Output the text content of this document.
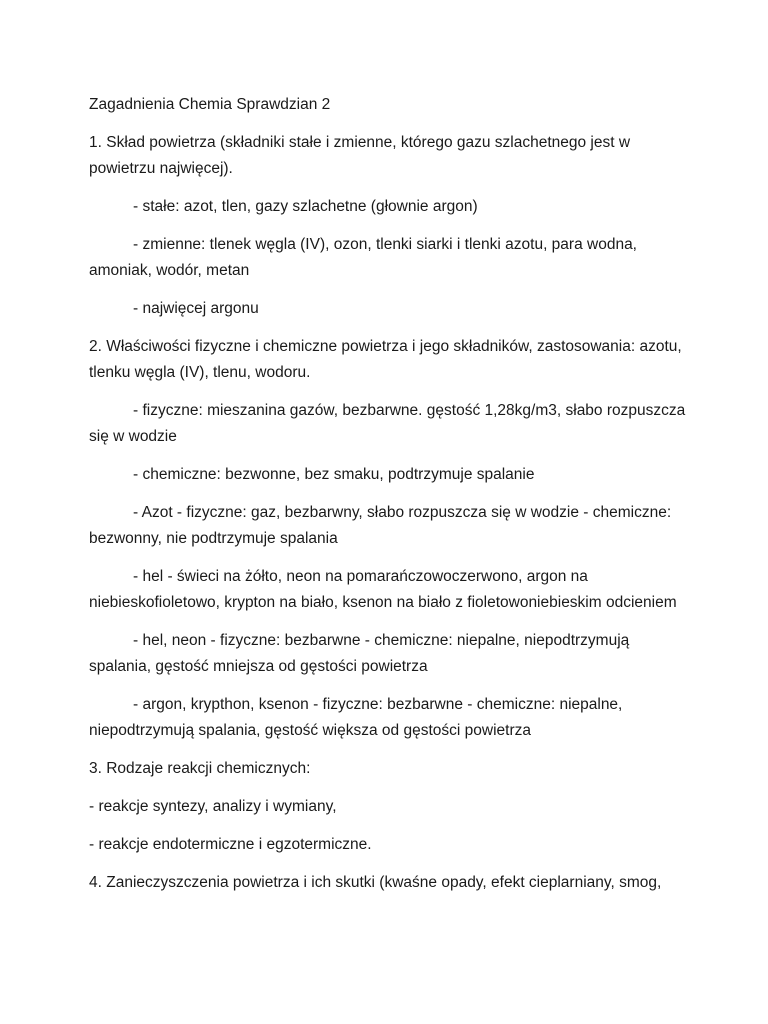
Zagadnienia Chemia Sprawdzian 2

1. Skład powietrza (składniki stałe i zmienne, którego gazu szlachetnego jest w powietrzu najwięcej).

- stałe: azot, tlen, gazy szlachetne (głownie argon)

- zmienne: tlenek węgla (IV), ozon, tlenki siarki i tlenki azotu, para wodna, amoniak, wodór, metan

- najwięcej argonu

2. Właściwości fizyczne i chemiczne powietrza i jego składników, zastosowania: azotu, tlenku węgla (IV), tlenu, wodoru.

- fizyczne: mieszanina gazów, bezbarwne. gęstość 1,28kg/m3, słabo rozpuszcza się w wodzie

- chemiczne: bezwonne, bez smaku, podtrzymuje spalanie

- Azot - fizyczne: gaz, bezbarwny, słabo rozpuszcza się w wodzie - chemiczne: bezwonny, nie podtrzymuje spalania

- hel - świeci na żółto, neon na pomarańczowoczerwono, argon na niebieskofioletowo, krypton na biało, ksenon na biało z fioletowoniebieskim odcieniem

- hel, neon - fizyczne: bezbarwne - chemiczne: niepalne, niepodtrzymują spalania, gęstość mniejsza od gęstości powietrza

- argon, krypthon, ksenon - fizyczne: bezbarwne - chemiczne: niepalne, niepodtrzymują spalania, gęstość większa od gęstości powietrza

3. Rodzaje reakcji chemicznych:

- reakcje syntezy, analizy i wymiany,

- reakcje endotermiczne i egzotermiczne.

4. Zanieczyszczenia powietrza i ich skutki (kwaśne opady, efekt cieplarniany, smog,
